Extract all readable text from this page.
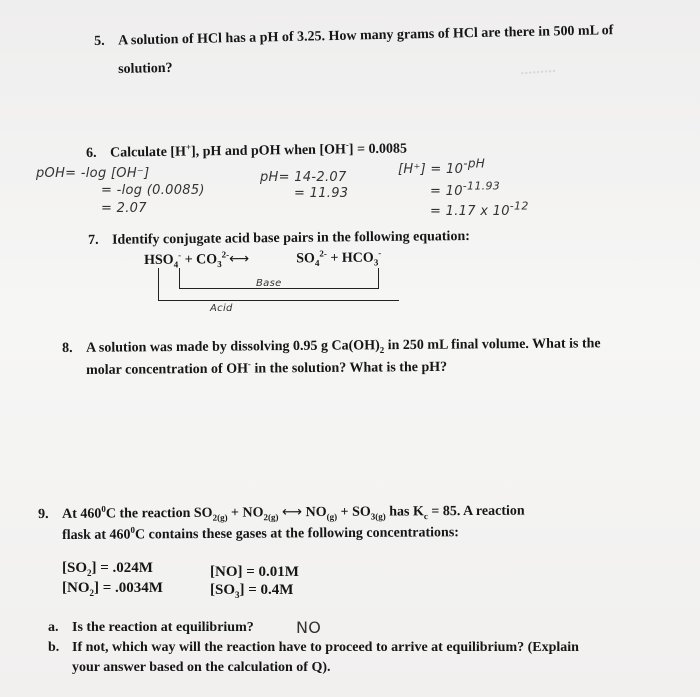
………
5. A solution of HCl has a pH of 3.25. How many grams of HCl are there in 500 mL of
solution?
6. Calculate [H+], pH and pOH when [OH-] = 0.0085
pOH= -log [OH⁻]
= -log (0.0085)
= 2.07
pH= 14-2.07
= 11.93
$[H^+] = 10^{-pH}$
= $10^{-11.93}$
= 1.17 x $10^{-12}$
7. Identify conjugate acid base pairs in the following equation:
$HSO_4^-$ + $CO_3^{2-}⟷$	$SO_4^{2-} + HCO_3^-$
Base
Acid
8. A solution was made by dissolving 0.95 g $Ca(OH)_2$ in 250 mL final volume. What is the
molar concentration of OH- in the solution? What is the pH?
9. At $460^0C$ the reaction $SO_{2(g)} + NO_{2(g)}$ ⟷ $NO_{(g)} + SO_{3(g)}$ has $K_c = 85$. A reaction
flask at $460^0C$ contains these gases at the following concentrations:
$[SO_2] = .024M$
$[NO_2] = .0034M$
[NO] = 0.01M
$[SO_3] = 0.4M$
a. Is the reaction at equilibrium?	NO
b. If not, which way will the reaction have to proceed to arrive at equilibrium? (Explain
your answer based on the calculation of Q).
